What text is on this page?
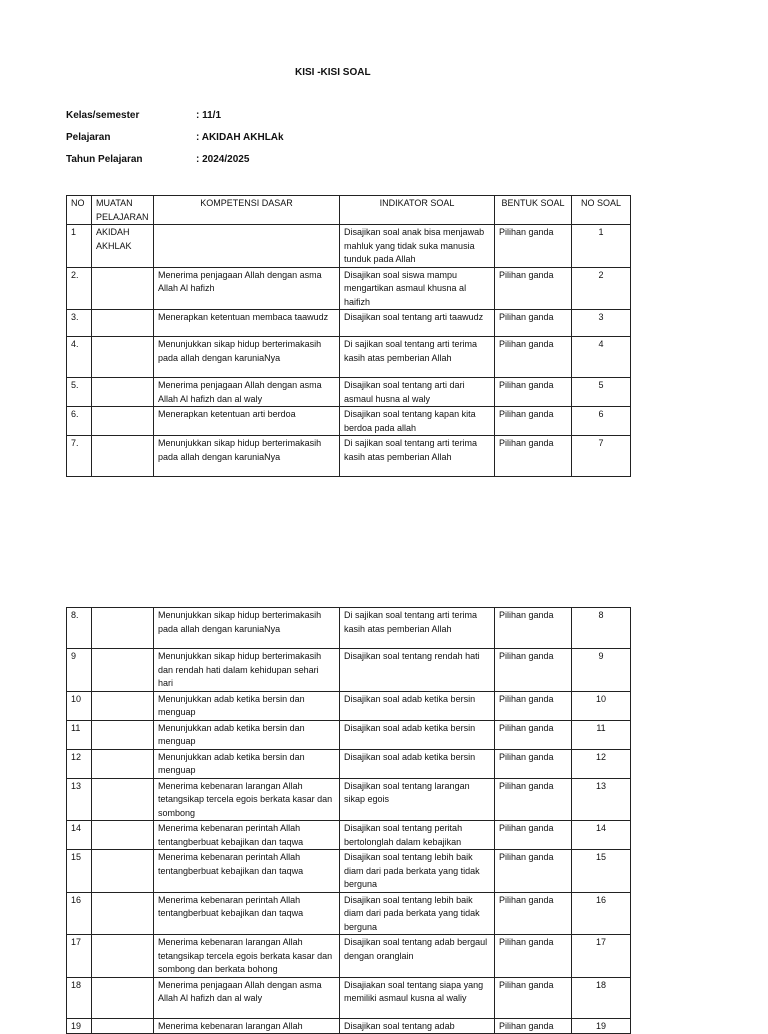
KISI -KISI SOAL
Kelas/semester	: 11/1
Pelajaran	: AKIDAH AKHLAk
Tahun Pelajaran	: 2024/2025
NO	MUATAN PELAJARAN	KOMPETENSI DASAR	INDIKATOR SOAL	BENTUK SOAL	NO SOAL
1	AKIDAH AKHLAK		Disajikan soal anak bisa menjawab mahluk yang tidak suka manusia tunduk pada Allah	Pilihan ganda	1
2.		Menerima penjagaan Allah dengan asma Allah Al hafizh	Disajikan soal siswa mampu mengartikan asmaul khusna al haifizh	Pilihan ganda	2
3.		Menerapkan ketentuan membaca taawudz	Disajikan soal tentang arti taawudz	Pilihan ganda	3
4.		Menunjukkan sikap hidup berterimakasih pada allah dengan karuniaNya	Di sajikan soal tentang arti terima kasih atas pemberian Allah	Pilihan ganda	4
5.		Menerima penjagaan Allah dengan asma Allah Al hafizh dan al waly	Disajikan soal tentang arti dari asmaul husna al waly	Pilihan ganda	5
6.		Menerapkan ketentuan arti berdoa	Disajikan soal tentang kapan kita berdoa pada allah	Pilihan ganda	6
7.		Menunjukkan sikap hidup berterimakasih pada allah dengan karuniaNya	Di sajikan soal tentang arti terima kasih atas pemberian Allah	Pilihan ganda	7
8.		Menunjukkan sikap hidup berterimakasih pada allah dengan karuniaNya	Di sajikan soal tentang arti terima kasih atas pemberian Allah	Pilihan ganda	8
9		Menunjukkan sikap hidup berterimakasih dan rendah hati dalam kehidupan sehari hari	Disajikan soal tentang rendah hati	Pilihan ganda	9
10		Menunjukkan adab ketika bersin dan menguap	Disajikan soal adab ketika bersin	Pilihan ganda	10
11		Menunjukkan adab ketika bersin dan menguap	Disajikan soal adab ketika bersin	Pilihan ganda	11
12		Menunjukkan adab ketika bersin dan menguap	Disajikan soal adab ketika bersin	Pilihan ganda	12
13		Menerima kebenaran larangan Allah tetangsikap tercela egois berkata kasar dan sombong	Disajikan soal tentang larangan sikap egois	Pilihan ganda	13
14		Menerima kebenaran perintah Allah tentangberbuat kebajikan dan taqwa	Disajikan soal tentang peritah bertolonglah dalam kebajikan	Pilihan ganda	14
15		Menerima kebenaran perintah Allah tentangberbuat kebajikan dan taqwa	Disajikan soal tentang lebih baik diam dari pada berkata yang tidak berguna	Pilihan ganda	15
16		Menerima kebenaran perintah Allah tentangberbuat kebajikan dan taqwa	Disajikan soal tentang lebih baik diam dari pada berkata yang tidak berguna	Pilihan ganda	16
17		Menerima kebenaran larangan Allah tetangsikap tercela egois berkata kasar dan sombong dan berkata bohong	Disajikan soal tentang adab bergaul dengan oranglain	Pilihan ganda	17
18		Menerima penjagaan Allah dengan asma Allah Al hafizh dan al waly	Disajiakan soal tentang siapa yang memiliki asmaul kusna al waliy	Pilihan ganda	18
19		Menerima kebenaran larangan Allah	Disajikan soal tentang adab	Pilihan ganda	19
